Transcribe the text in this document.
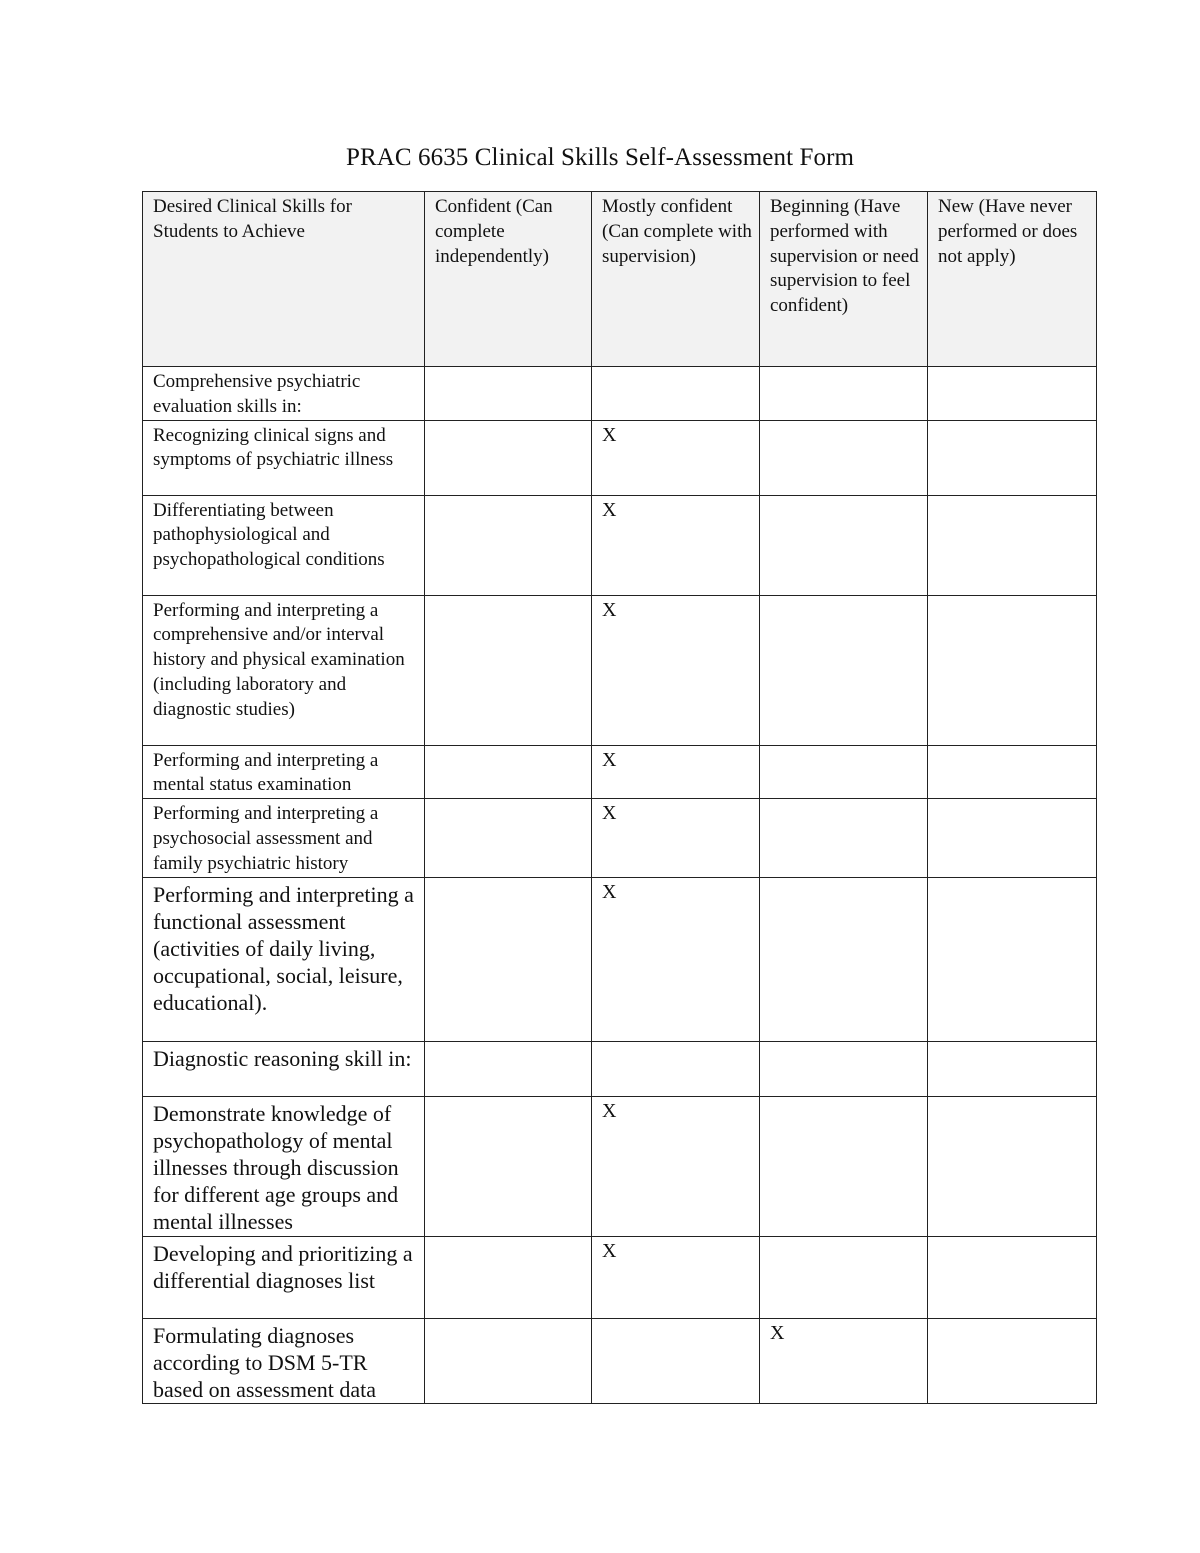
PRAC 6635 Clinical Skills Self-Assessment Form
Desired Clinical Skills for Students to Achieve	Confident (Can complete independently)	Mostly confident (Can complete with supervision)	Beginning (Have performed with supervision or need supervision to feel confident)	New (Have never performed or does not apply)
Comprehensive psychiatric evaluation skills in:				
Recognizing clinical signs and symptoms of psychiatric illness		X		
Differentiating between pathophysiological and psychopathological conditions		X		
Performing and interpreting a comprehensive and/or interval history and physical examination (including laboratory and diagnostic studies)		X		
Performing and interpreting a mental status examination		X		
Performing and interpreting a psychosocial assessment and family psychiatric history		X		
Performing and interpreting a functional assessment (activities of daily living, occupational, social, leisure, educational).		X		
Diagnostic reasoning skill in:				
Demonstrate knowledge of psychopathology of mental illnesses through discussion for different age groups and mental illnesses		X		
Developing and prioritizing a differential diagnoses list		X		
Formulating diagnoses according to DSM 5-TR based on assessment data			X	
